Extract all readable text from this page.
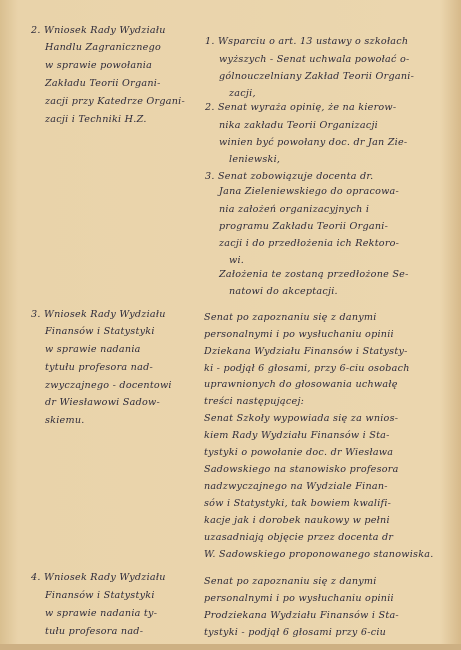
2. Wniosek Rady Wydziału
Handlu Zagranicznego
w sprawie powołania
Zakładu Teorii Organi-
zacji przy Katedrze Organi-
zacji i Techniki H.Z.
1. Wsparciu o art. 13 ustawy o szkołach
wyższych - Senat uchwala powołać o-
gólnouczelniany Zakład Teorii Organi-
zacji,
2. Senat wyraża opinię, że na kierow-
nika zakładu Teorii Organizacji
winien być powołany doc. dr Jan Zie-
leniewski,
3. Senat zobowiązuje docenta dr.
Jana Zieleniewskiego do opracowa-
nia założeń organizacyjnych i
programu Zakładu Teorii Organi-
zacji i do przedłożenia ich Rektoro-
wi.
Założenia te zostaną przedłożone Se-
natowi do akceptacji.
3. Wniosek Rady Wydziału
Finansów i Statystyki
w sprawie nadania
tytułu profesora nad-
zwyczajnego - docentowi
dr Wiesławowi Sadow-
skiemu.
Senat po zapoznaniu się z danymi
personalnymi i po wysłuchaniu opinii
Dziekana Wydziału Finansów i Statysty-
ki - podjął 6 głosami, przy 6-ciu osobach
uprawnionych do głosowania uchwałę
treści następującej:
Senat Szkoły wypowiada się za wnios-
kiem Rady Wydziału Finansów i Sta-
tystyki o powołanie doc. dr Wiesława
Sadowskiego na stanowisko profesora
nadzwyczajnego na Wydziale Finan-
sów i Statystyki, tak bowiem kwalifi-
kacje jak i dorobek naukowy w pełni
uzasadniają objęcie przez docenta dr
W. Sadowskiego proponowanego stanowiska.
4. Wniosek Rady Wydziału
Finansów i Statystyki
w sprawie nadania ty-
tułu profesora nad-
Senat po zapoznaniu się z danymi
personalnymi i po wysłuchaniu opinii
Prodziekana Wydziału Finansów i Sta-
tystyki - podjął 6 głosami przy 6-ciu
